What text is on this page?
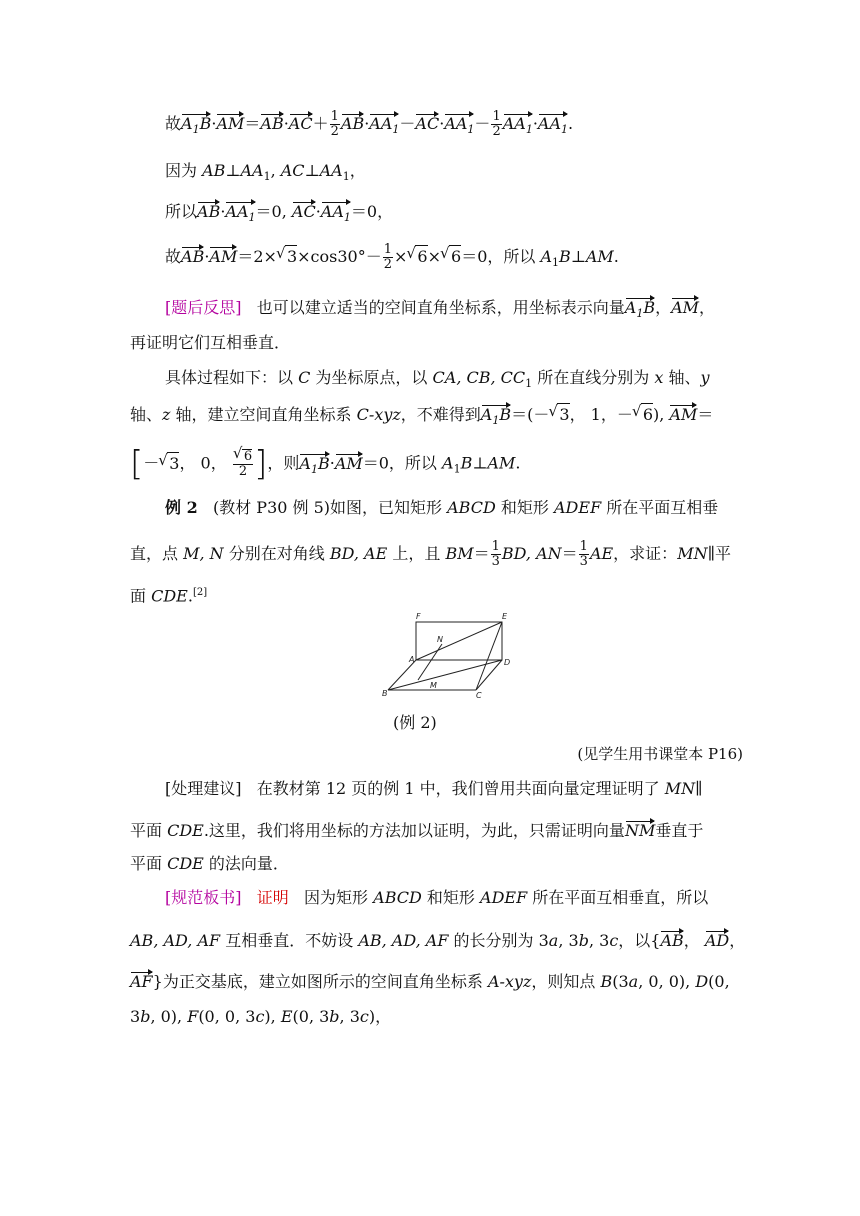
故$A_1B\cdot AM=AB\cdot AC+ \frac{1}{2} AB\cdot AA_1-AC\cdot AA_1- \frac{1}{2} AA_1\cdot AA_1$.
因为 $AB\perp AA_1$, $AC\perp AA_1$，
所以$AB\cdot AA_1=0$, $AC\cdot AA_1=0$，
故AB·AM＝2×√ $3\times\cos 30^\circ- \frac{1}{2}$ ×√ 6×√ 6＝0，所以 $A_1B\perp AM$.
[题后反思]   也可以建立适当的空间直角坐标系，用坐标表示向量$A_1B$，AM，
再证明它们互相垂直．
具体过程如下：以 C 为坐标原点，以 CA, CB, $CC_1$ 所在直线分别为 x 轴、y
轴、z 轴，建立空间直角坐标系 C-xyz，不难得到$A_1B=(-√$ 3， 1，－√ 6), AM＝
[－√ 3， 0，
√ $\frac{6}{2}$ ]，则$A_1B\cdot AM=0$，所以 $A_1B\perp AM$.
例 2   (教材 P30 例 5)如图，已知矩形 ABCD 和矩形 ADEF 所在平面互相垂
直，点 M, N 分别在对角线 BD, AE 上，且 $BM= \frac{1}{3}$ BD, $AN= \frac{1}{3}$ AE，求证：MN∥平
面 CDE.[2]
F	E
N
A	D
B
M
C
(例 2)
(见学生用书课堂本 P16)
[处理建议]   在教材第 12 页的例 1 中，我们曾用共面向量定理证明了 MN∥
平面 CDE.这里，我们将用坐标的方法加以证明，为此，只需证明向量NM垂直于
平面 CDE 的法向量．
[规范板书] 证明   因为矩形 ABCD 和矩形 ADEF 所在平面互相垂直，所以
AB, AD, AF 互相垂直．不妨设 AB, AD, AF 的长分别为 3a, 3b, 3c，以{AB， AD，
AF}为正交基底，建立如图所示的空间直角坐标系 A-xyz，则知点 B(3a, 0, 0), D(0,
3b, 0), F(0, 0, 3c), E(0, 3b, 3c)，
